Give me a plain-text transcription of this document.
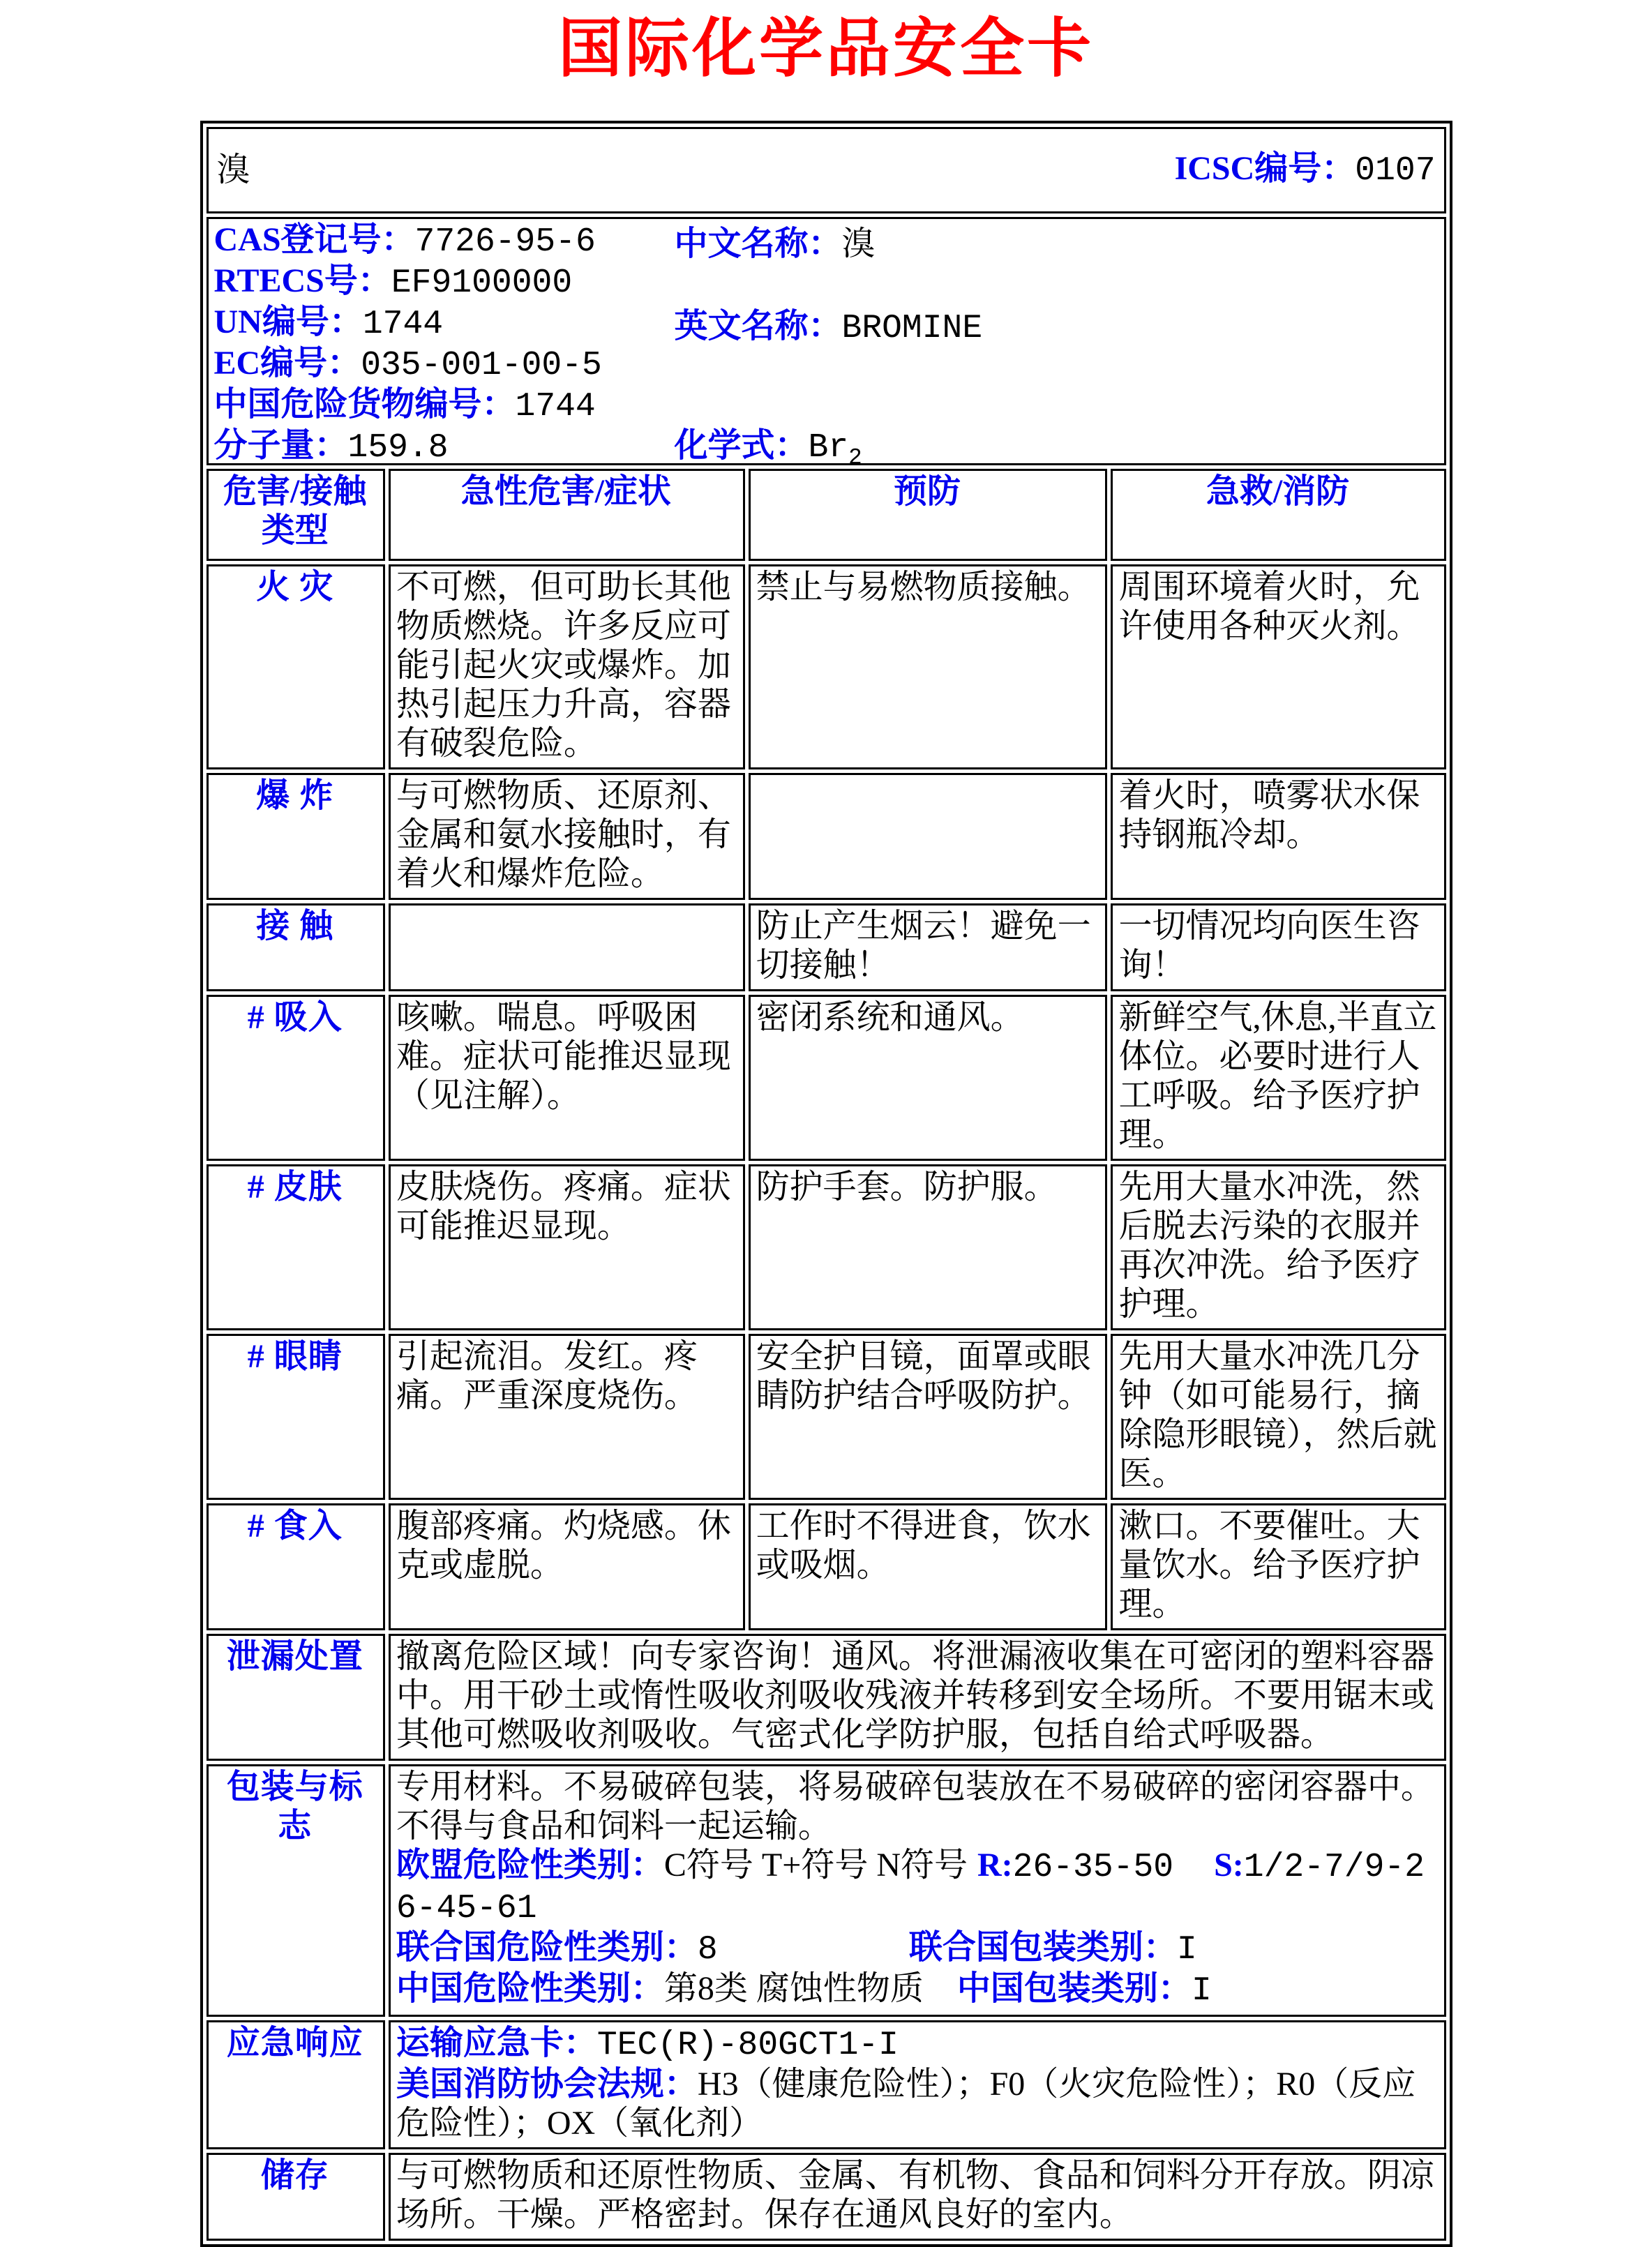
国际化学品安全卡
溴 ICSC编号：0107			

CAS登记号：7726-95-6
RTECS号：EF9100000
UN编号：1744
EC编号：035-001-00-5
中国危险货物编号：1744
分子量：159.8
中文名称：溴
英文名称：BROMINE
化学式：$Br_2$

危害/接触类型	急性危害/症状	预防	急救/消防
火 灾	不可燃，但可助长其他物质燃烧。许多反应可能引起火灾或爆炸。加热引起压力升高，容器有破裂危险。	禁止与易燃物质接触。	周围环境着火时，允许使用各种灭火剂。
爆 炸	与可燃物质、还原剂、金属和氨水接触时，有着火和爆炸危险。		着火时，喷雾状水保持钢瓶冷却。
接 触		防止产生烟云！避免一切接触！	一切情况均向医生咨询！
# 吸入	咳嗽。喘息。呼吸困难。症状可能推迟显现（见注解）。	密闭系统和通风。	新鲜空气,休息,半直立体位。必要时进行人工呼吸。给予医疗护理。
# 皮肤	皮肤烧伤。疼痛。症状可能推迟显现。	防护手套。防护服。	先用大量水冲洗，然后脱去污染的衣服并再次冲洗。给予医疗护理。
# 眼睛	引起流泪。发红。疼痛。严重深度烧伤。	安全护目镜，面罩或眼睛防护结合呼吸防护。	先用大量水冲洗几分钟（如可能易行，摘除隐形眼镜），然后就医。
# 食入	腹部疼痛。灼烧感。休克或虚脱。	工作时不得进食，饮水或吸烟。	漱口。不要催吐。大量饮水。给予医疗护理。
泄漏处置	撤离危险区域！向专家咨询！通风。将泄漏液收集在可密闭的塑料容器中。用干砂土或惰性吸收剂吸收残液并转移到安全场所。不要用锯末或其他可燃吸收剂吸收。气密式化学防护服，包括自给式呼吸器。		
包装与标志	专用材料。不易破碎包装，将易破碎包装放在不易破碎的密闭容器中。不得与食品和饲料一起运输。
欧盟危险性类别：C符号 T+符号 N符号 R:26-35-50 S:1/2-7/9-26-45-61
联合国危险性类别：8 联合国包装类别：I
中国危险性类别：第8类 腐蚀性物质 中国包装类别：I		

应急响应	运输应急卡：TEC(R)-80GCT1-I
美国消防协会法规：H3（健康危险性）；F0（火灾危险性）；R0（反应危险性）；OX（氧化剂）		

储存	与可燃物质和还原性物质、金属、有机物、食品和饲料分开存放。阴凉场所。干燥。严格密封。保存在通风良好的室内。		
